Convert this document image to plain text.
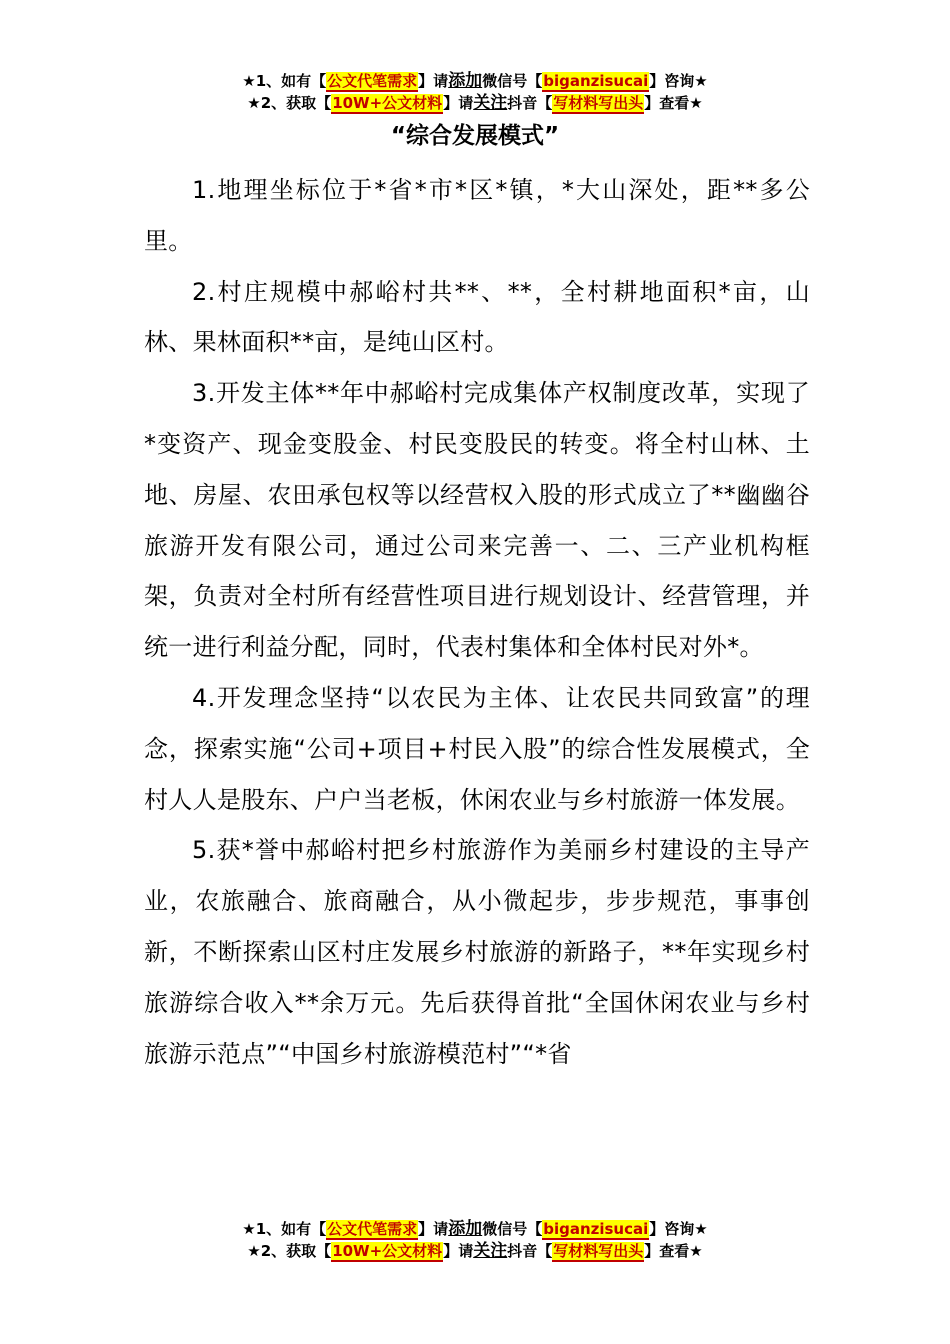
★1、如有【公文代笔需求】请添加微信号【biganzisucai】咨询★
★2、获取【10W+公文材料】请关注抖音【写材料写出头】查看★
“综合发展模式”

1.地理坐标位于*省*市*区*镇，*大山深处，距**多公里。

2.村庄规模中郝峪村共**、**，全村耕地面积*亩，山林、果林面积**亩，是纯山区村。

3.开发主体**年中郝峪村完成集体产权制度改革，实现了*变资产、现金变股金、村民变股民的转变。将全村山林、土地、房屋、农田承包权等以经营权入股的形式成立了**幽幽谷旅游开发有限公司，通过公司来完善一、二、三产业机构框架，负责对全村所有经营性项目进行规划设计、经营管理，并统一进行利益分配，同时，代表村集体和全体村民对外*。

4.开发理念坚持“以农民为主体、让农民共同致富”的理念，探索实施“公司+项目+村民入股”的综合性发展模式，全村人人是股东、户户当老板，休闲农业与乡村旅游一体发展。

5.获*誉中郝峪村把乡村旅游作为美丽乡村建设的主导产业，农旅融合、旅商融合，从小微起步，步步规范，事事创新，不断探索山区村庄发展乡村旅游的新路子，**年实现乡村旅游综合收入**余万元。先后获得首批“全国休闲农业与乡村旅游示范点”“中国乡村旅游模范村”“*省

★1、如有【公文代笔需求】请添加微信号【biganzisucai】咨询★
★2、获取【10W+公文材料】请关注抖音【写材料写出头】查看★
